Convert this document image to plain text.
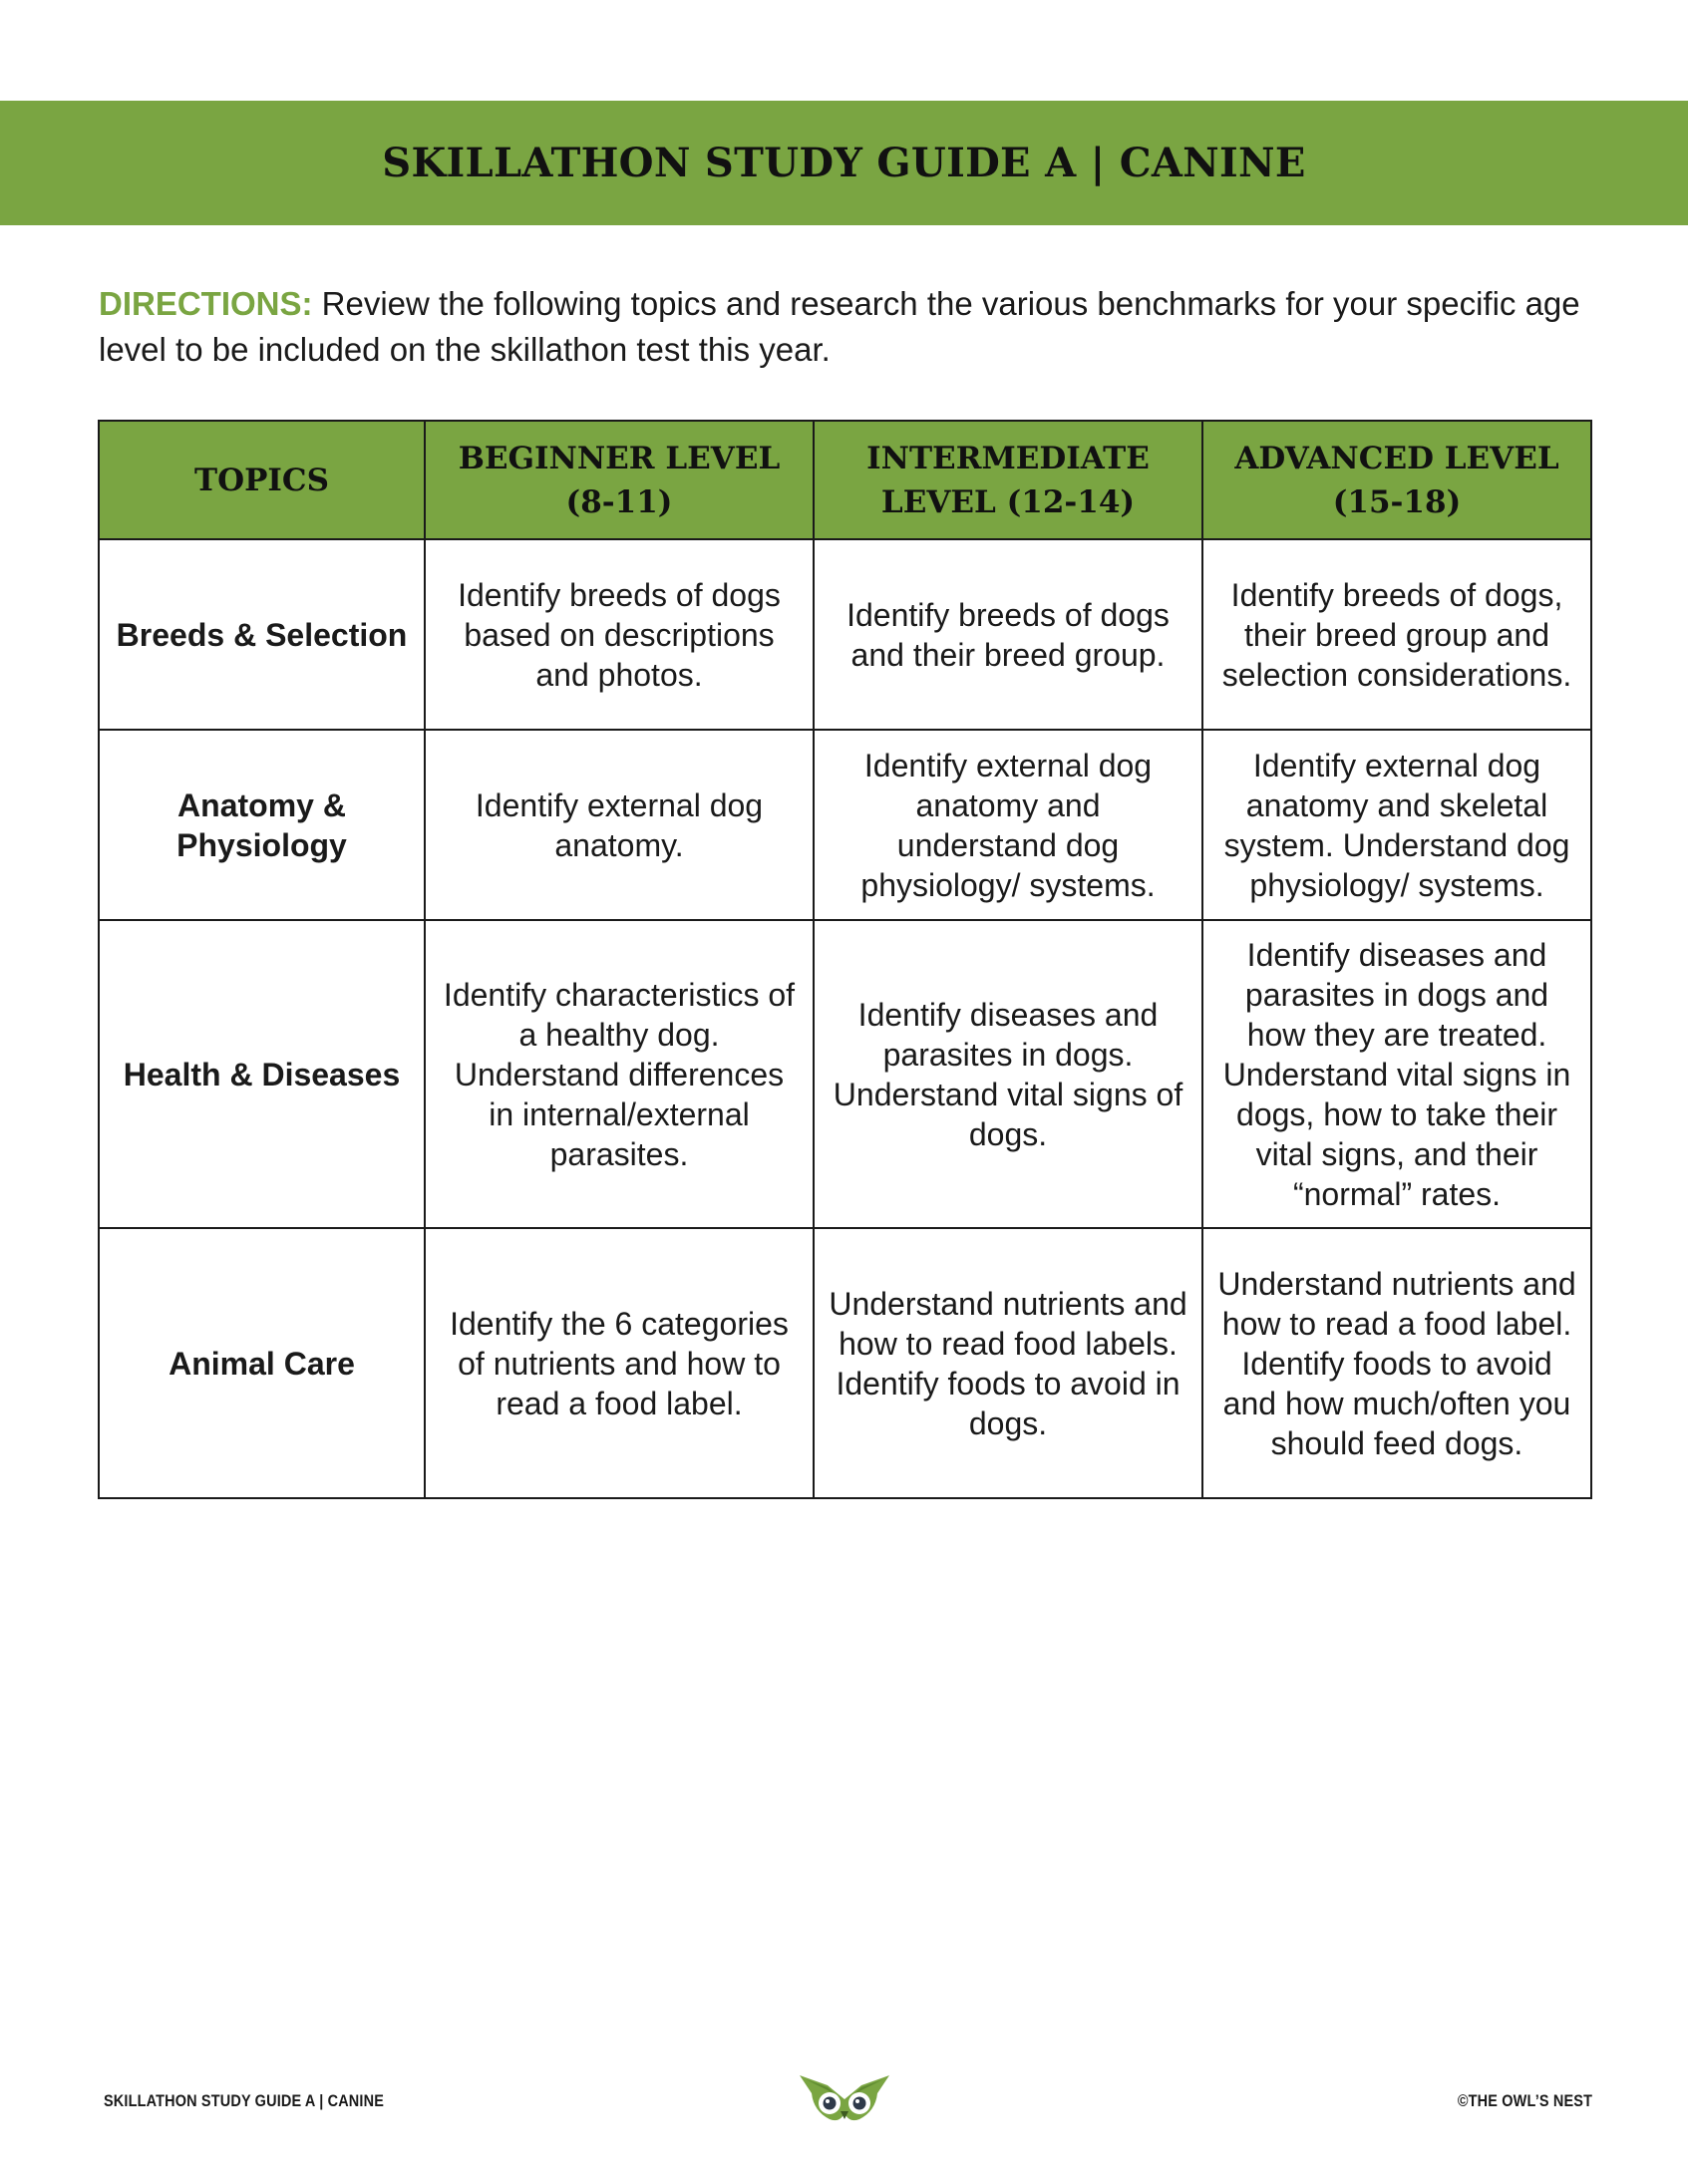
SKILLATHON STUDY GUIDE A | CANINE
DIRECTIONS: Review the following topics and research the various benchmarks for your specific age level to be included on the skillathon test this year.
TOPICS	BEGINNER LEVEL (8-11)	INTERMEDIATE LEVEL (12-14)	ADVANCED LEVEL (15-18)
Breeds & Selection	Identify breeds of dogs based on descriptions and photos.	Identify breeds of dogs and their breed group.	Identify breeds of dogs, their breed group and selection considerations.
Anatomy & Physiology	Identify external dog anatomy.	Identify external dog anatomy and understand dog physiology/ systems.	Identify external dog anatomy and skeletal system. Understand dog physiology/ systems.
Health & Diseases	Identify characteristics of a healthy dog. Understand differences in internal/external parasites.	Identify diseases and parasites in dogs. Understand vital signs of dogs.	Identify diseases and parasites in dogs and how they are treated. Understand vital signs in dogs, how to take their vital signs, and their “normal” rates.
Animal Care	Identify the 6 categories of nutrients and how to read a food label.	Understand nutrients and how to read food labels. Identify foods to avoid in dogs.	Understand nutrients and how to read a food label. Identify foods to avoid and how much/often you should feed dogs.
SKILLATHON STUDY GUIDE A | CANINE	©THE OWL’S NEST
